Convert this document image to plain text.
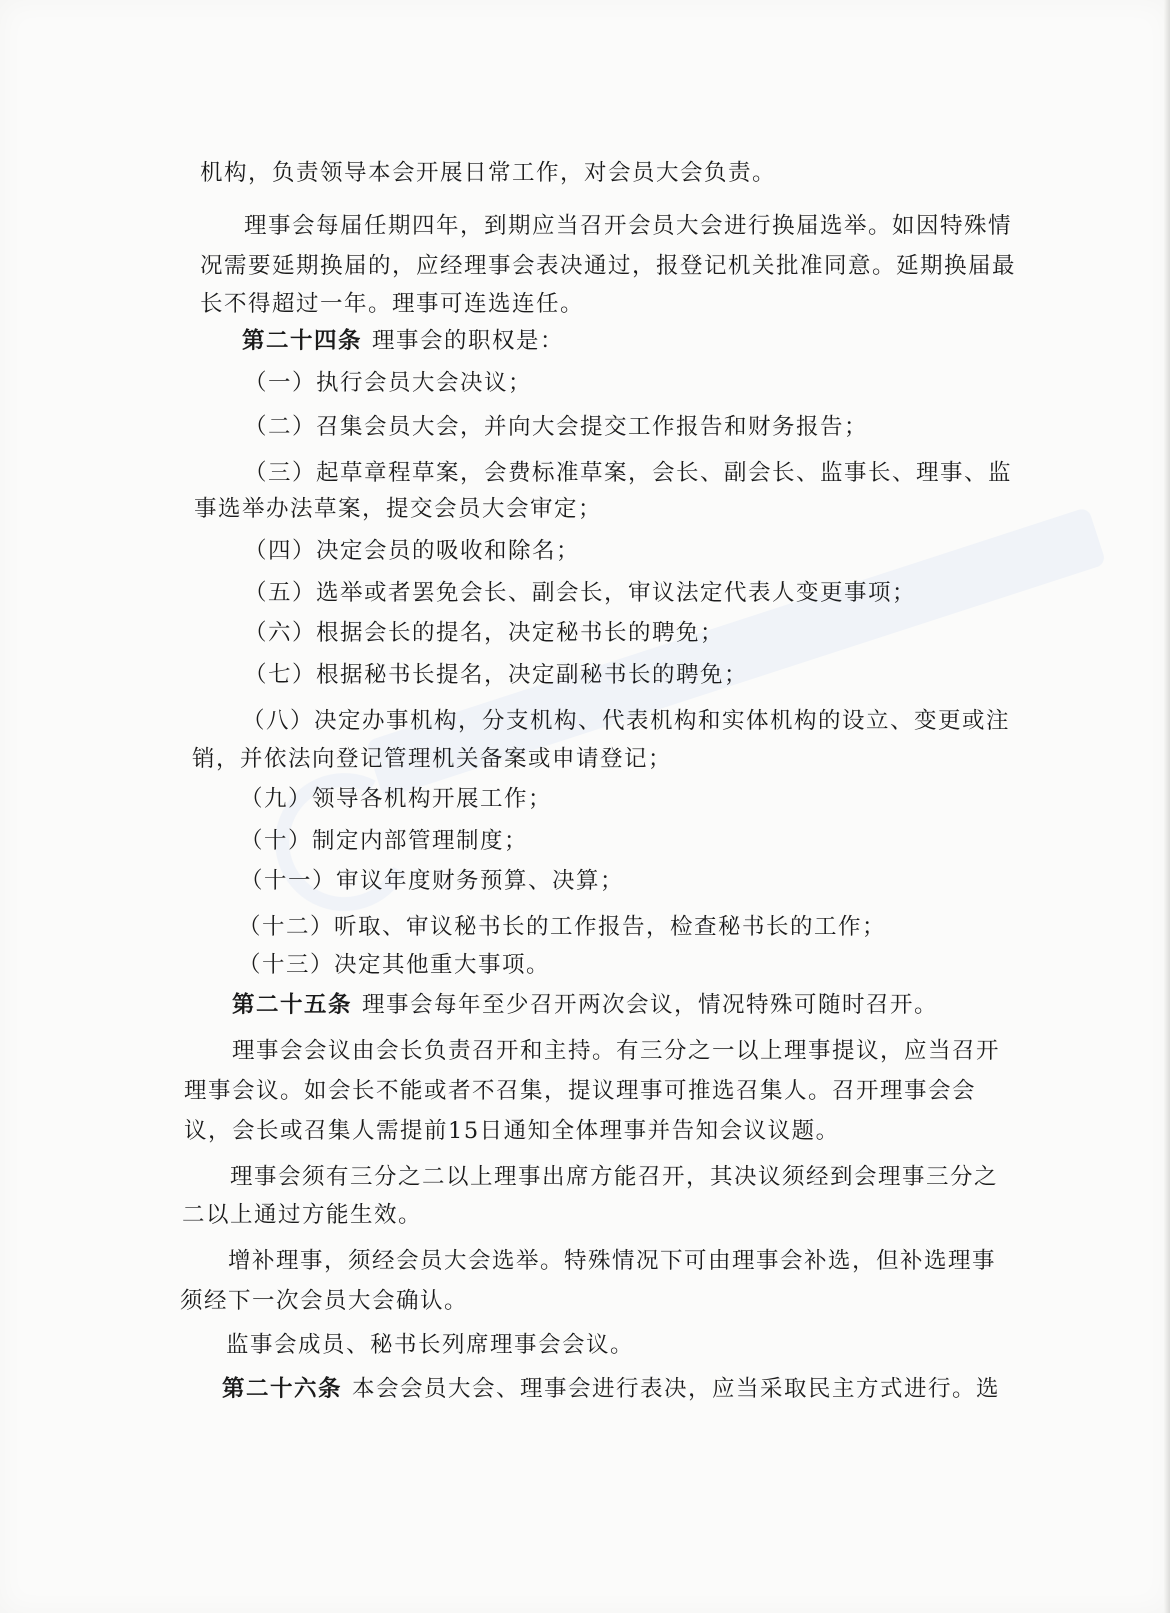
机构，负责领导本会开展日常工作，对会员大会负责。
理事会每届任期四年，到期应当召开会员大会进行换届选举。如因特殊情
况需要延期换届的，应经理事会表决通过，报登记机关批准同意。延期换届最
长不得超过一年。理事可连选连任。
第二十四条 理事会的职权是：
（一）执行会员大会决议；
（二）召集会员大会，并向大会提交工作报告和财务报告；
（三）起草章程草案，会费标准草案，会长、副会长、监事长、理事、监
事选举办法草案，提交会员大会审定；
（四）决定会员的吸收和除名；
（五）选举或者罢免会长、副会长，审议法定代表人变更事项；
（六）根据会长的提名，决定秘书长的聘免；
（七）根据秘书长提名，决定副秘书长的聘免；
（八）决定办事机构，分支机构、代表机构和实体机构的设立、变更或注
销，并依法向登记管理机关备案或申请登记；
（九）领导各机构开展工作；
（十）制定内部管理制度；
（十一）审议年度财务预算、决算；
（十二）听取、审议秘书长的工作报告，检查秘书长的工作；
（十三）决定其他重大事项。
第二十五条 理事会每年至少召开两次会议，情况特殊可随时召开。
理事会会议由会长负责召开和主持。有三分之一以上理事提议，应当召开
理事会议。如会长不能或者不召集，提议理事可推选召集人。召开理事会会
议，会长或召集人需提前15日通知全体理事并告知会议议题。
理事会须有三分之二以上理事出席方能召开，其决议须经到会理事三分之
二以上通过方能生效。
增补理事，须经会员大会选举。特殊情况下可由理事会补选，但补选理事
须经下一次会员大会确认。
监事会成员、秘书长列席理事会会议。
第二十六条 本会会员大会、理事会进行表决，应当采取民主方式进行。选
